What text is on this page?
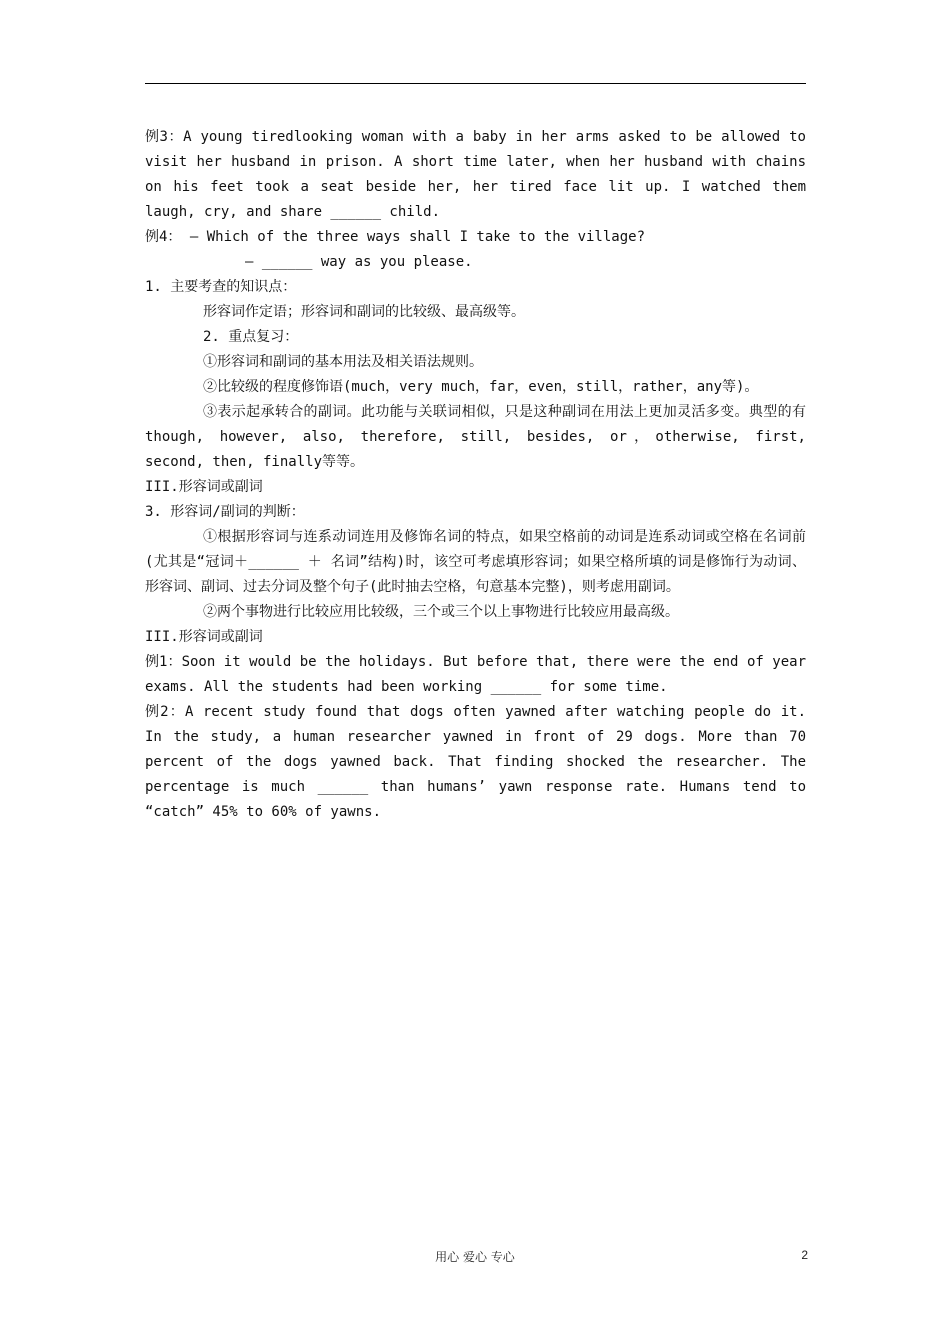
例3：A young tiredlooking woman with a baby in her arms asked to be allowed to visit her husband in prison. A short time later, when her husband with chains on his feet took a seat beside her, her tired face lit up. I watched them laugh, cry, and share ______ child.

例4： — Which of the three ways shall I take to the village?

— ______ way as you please.

1. 主要考查的知识点：

形容词作定语；形容词和副词的比较级、最高级等。

2. 重点复习：

①形容词和副词的基本用法及相关语法规则。

②比较级的程度修饰语(much，very much，far，even，still，rather，any等)。

③表示起承转合的副词。此功能与关联词相似，只是这种副词在用法上更加灵活多变。典型的有though, however, also, therefore, still, besides, or，otherwise, first, second, then, finally等等。

III.形容词或副词

3. 形容词/副词的判断：

①根据形容词与连系动词连用及修饰名词的特点，如果空格前的动词是连系动词或空格在名词前(尤其是“冠词＋______ ＋ 名词”结构)时，该空可考虑填形容词；如果空格所填的词是修饰行为动词、形容词、副词、过去分词及整个句子(此时抽去空格，句意基本完整)，则考虑用副词。

②两个事物进行比较应用比较级，三个或三个以上事物进行比较应用最高级。

III.形容词或副词

例1：Soon it would be the holidays. But before that, there were the end of year exams. All the students had been working ______ for some time.

例2：A recent study found that dogs often yawned after watching people do it. In the study, a human researcher yawned in front of 29 dogs. More than 70 percent of the dogs yawned back. That finding shocked the researcher. The percentage is much ______ than humans’ yawn response rate. Humans tend to “catch” 45% to 60% of yawns.

用心 爱心 专心	2
